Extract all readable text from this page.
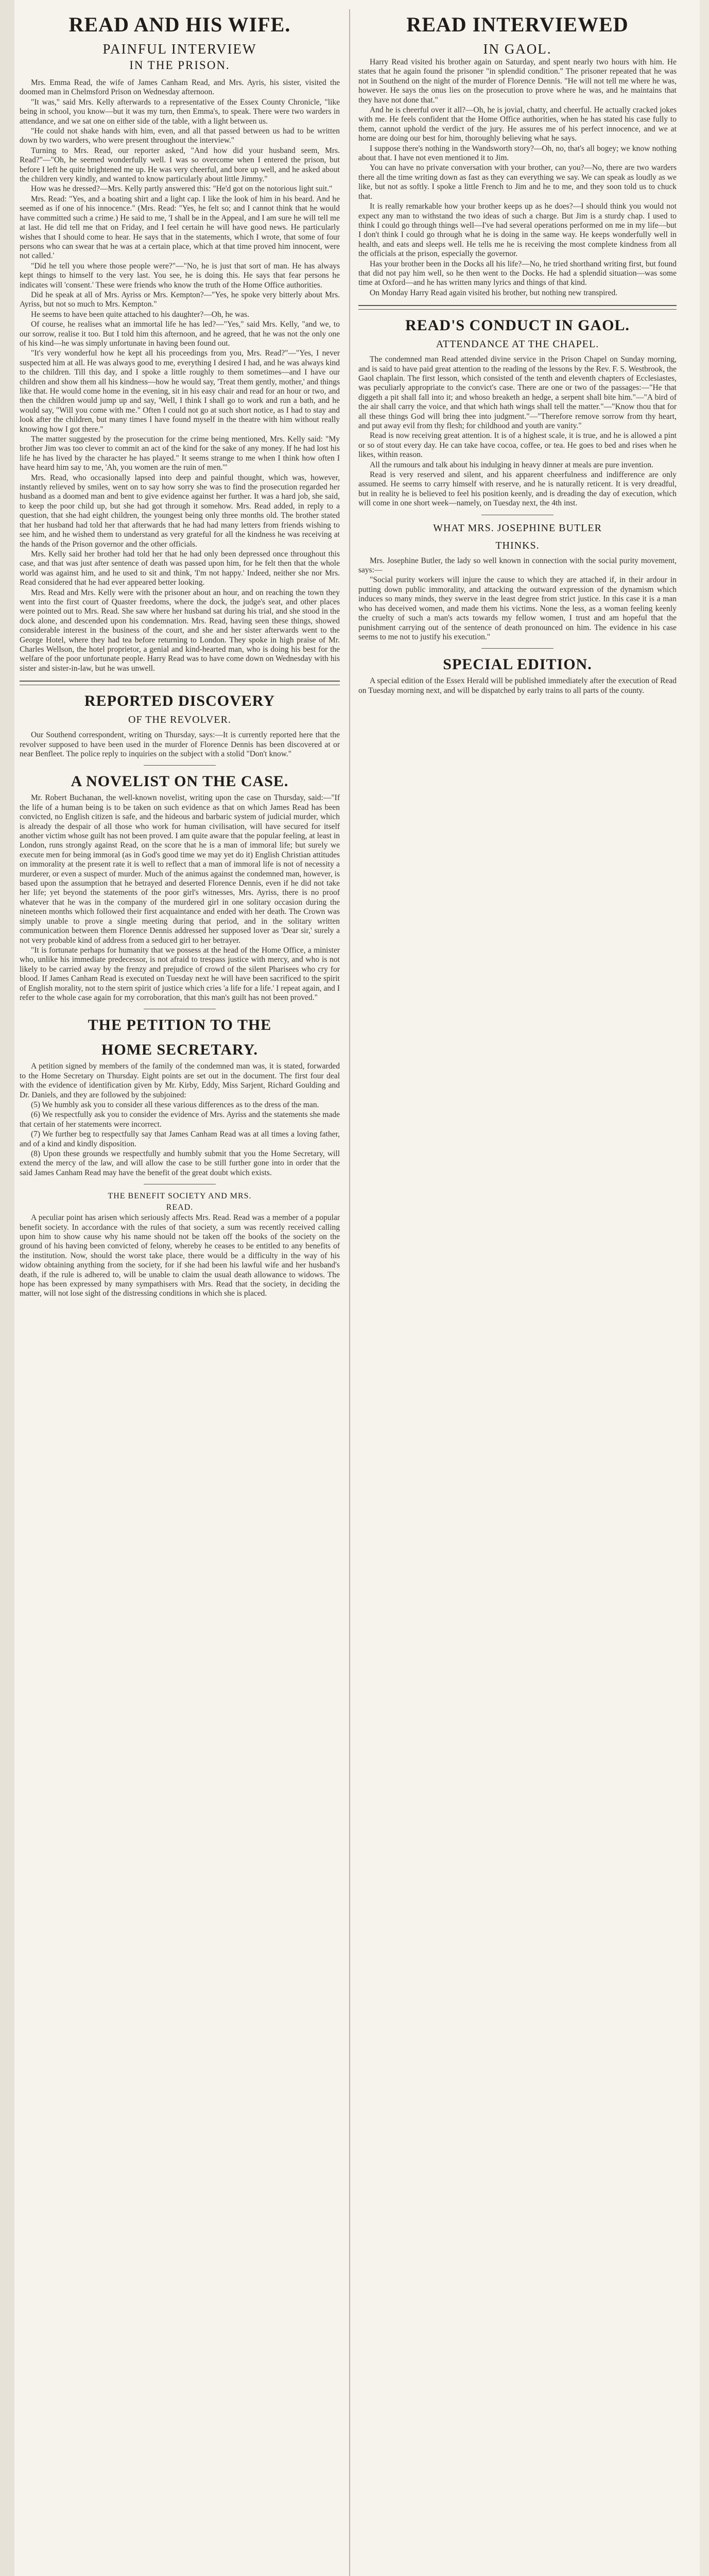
READ AND HIS WIFE.
PAINFUL INTERVIEW
IN THE PRISON.

Mrs. Emma Read, the wife of James Canham Read, and Mrs. Ayris, his sister, visited the doomed man in Chelmsford Prison on Wednesday afternoon.

"It was," said Mrs. Kelly afterwards to a representative of the Essex County Chronicle, "like being in school, you know—but it was my turn, then Emma's, to speak. There were two warders in attendance, and we sat one on either side of the table, with a light between us.

"He could not shake hands with him, even, and all that passed between us had to be written down by two warders, who were present throughout the interview."

Turning to Mrs. Read, our reporter asked, "And how did your husband seem, Mrs. Read?"—"Oh, he seemed wonderfully well. I was so overcome when I entered the prison, but before I left he quite brightened me up. He was very cheerful, and bore up well, and he asked about the children very kindly, and wanted to know particularly about little Jimmy."

How was he dressed?—Mrs. Kelly partly answered this: "He'd got on the notorious light suit."

Mrs. Read: "Yes, and a boating shirt and a light cap. I like the look of him in his beard. And he seemed as if one of his innocence." (Mrs. Read: "Yes, he felt so; and I cannot think that he would have committed such a crime.) He said to me, 'I shall be in the Appeal, and I am sure he will tell me at last. He did tell me that on Friday, and I feel certain he will have good news. He particularly wishes that I should come to hear. He says that in the statements, which I wrote, that some of four persons who can swear that he was at a certain place, which at that time proved him innocent, were not called.'

"Did he tell you where those people were?"—"No, he is just that sort of man. He has always kept things to himself to the very last. You see, he is doing this. He says that fear persons he indicates will 'consent.' These were friends who know the truth of the Home Office authorities.

Did he speak at all of Mrs. Ayriss or Mrs. Kempton?—"Yes, he spoke very bitterly about Mrs. Ayriss, but not so much to Mrs. Kempton."

He seems to have been quite attached to his daughter?—Oh, he was.

Of course, he realises what an immortal life he has led?—"Yes," said Mrs. Kelly, "and we, to our sorrow, realise it too. But I told him this afternoon, and he agreed, that he was not the only one of his kind—he was simply unfortunate in having been found out.

"It's very wonderful how he kept all his proceedings from you, Mrs. Read?"—"Yes, I never suspected him at all. He was always good to me, everything I desired I had, and he was always kind to the children. Till this day, and I spoke a little roughly to them sometimes—and I have our children and show them all his kindness—how he would say, 'Treat them gently, mother,' and things like that. He would come home in the evening, sit in his easy chair and read for an hour or two, and then the children would jump up and say, 'Well, I think I shall go to work and run a bath, and he would say, "Will you come with me." Often I could not go at such short notice, as I had to stay and look after the children, but many times I have found myself in the theatre with him without really knowing how I got there."

The matter suggested by the prosecution for the crime being mentioned, Mrs. Kelly said: "My brother Jim was too clever to commit an act of the kind for the sake of any money. If he had lost his life he has lived by the character he has played." It seems strange to me when I think how often I have heard him say to me, 'Ah, you women are the ruin of men.'"

Mrs. Read, who occasionally lapsed into deep and painful thought, which was, however, instantly relieved by smiles, went on to say how sorry she was to find the prosecution regarded her husband as a doomed man and bent to give evidence against her further. It was a hard job, she said, to keep the poor child up, but she had got through it somehow. Mrs. Read added, in reply to a question, that she had eight children, the youngest being only three months old. The brother stated that her husband had told her that afterwards that he had had many letters from friends wishing to see him, and he wished them to understand as very grateful for all the kindness he was receiving at the hands of the Prison governor and the other officials.

Mrs. Kelly said her brother had told her that he had only been depressed once throughout this case, and that was just after sentence of death was passed upon him, for he felt then that the whole world was against him, and he used to sit and think, 'I'm not happy.' Indeed, neither she nor Mrs. Read considered that he had ever appeared better looking.

Mrs. Read and Mrs. Kelly were with the prisoner about an hour, and on reaching the town they went into the first court of Quaster freedoms, where the dock, the judge's seat, and other places were pointed out to Mrs. Read. She saw where her husband sat during his trial, and she stood in the dock alone, and descended upon his condemnation. Mrs. Read, having seen these things, showed considerable interest in the business of the court, and she and her sister afterwards went to the George Hotel, where they had tea before returning to London. They spoke in high praise of Mr. Charles Wellson, the hotel proprietor, a genial and kind-hearted man, who is doing his best for the welfare of the poor unfortunate people. Harry Read was to have come down on Wednesday with his sister and sister-in-law, but he was unwell.

REPORTED DISCOVERY
OF THE REVOLVER.

Our Southend correspondent, writing on Thursday, says:—It is currently reported here that the revolver supposed to have been used in the murder of Florence Dennis has been discovered at or near Benfleet. The police reply to inquiries on the subject with a stolid "Don't know."

A NOVELIST ON THE CASE.

Mr. Robert Buchanan, the well-known novelist, writing upon the case on Thursday, said:—"If the life of a human being is to be taken on such evidence as that on which James Read has been convicted, no English citizen is safe, and the hideous and barbaric system of judicial murder, which is already the despair of all those who work for human civilisation, will have secured for itself another victim whose guilt has not been proved. I am quite aware that the popular feeling, at least in London, runs strongly against Read, on the score that he is a man of immoral life; but surely we execute men for being immoral (as in God's good time we may yet do it) English Christian attitudes on immorality at the present rate it is well to reflect that a man of immoral life is not of necessity a murderer, or even a suspect of murder. Much of the animus against the condemned man, however, is based upon the assumption that he betrayed and deserted Florence Dennis, even if he did not take her life; yet beyond the statements of the poor girl's witnesses, Mrs. Ayriss, there is no proof whatever that he was in the company of the murdered girl in one solitary occasion during the nineteen months which followed their first acquaintance and ended with her death. The Crown was simply unable to prove a single meeting during that period, and in the solitary written communication between them Florence Dennis addressed her supposed lover as 'Dear sir,' surely a not very probable kind of address from a seduced girl to her betrayer.

"It is fortunate perhaps for humanity that we possess at the head of the Home Office, a minister who, unlike his immediate predecessor, is not afraid to trespass justice with mercy, and who is not likely to be carried away by the frenzy and prejudice of crowd of the silent Pharisees who cry for blood. If James Canham Read is executed on Tuesday next he will have been sacrificed to the spirit of English morality, not to the stern spirit of justice which cries 'a life for a life.' I repeat again, and I refer to the whole case again for my corroboration, that this man's guilt has not been proved."

THE PETITION TO THE
HOME SECRETARY.

A petition signed by members of the family of the condemned man was, it is stated, forwarded to the Home Secretary on Thursday. Eight points are set out in the document. The first four deal with the evidence of identification given by Mr. Kirby, Eddy, Miss Sarjent, Richard Goulding and Dr. Daniels, and they are followed by the subjoined:

(5) We humbly ask you to consider all these various differences as to the dress of the man.

(6) We respectfully ask you to consider the evidence of Mrs. Ayriss and the statements she made that certain of her statements were incorrect.

(7) We further beg to respectfully say that James Canham Read was at all times a loving father, and of a kind and kindly disposition.

(8) Upon these grounds we respectfully and humbly submit that you the Home Secretary, will extend the mercy of the law, and will allow the case to be still further gone into in order that the said James Canham Read may have the benefit of the great doubt which exists.

THE BENEFIT SOCIETY AND MRS.
READ.

A peculiar point has arisen which seriously affects Mrs. Read. Read was a member of a popular benefit society. In accordance with the rules of that society, a sum was recently received calling upon him to show cause why his name should not be taken off the books of the society on the ground of his having been convicted of felony, whereby he ceases to be entitled to any benefits of the institution. Now, should the worst take place, there would be a difficulty in the way of his widow obtaining anything from the society, for if she had been his lawful wife and her husband's death, if the rule is adhered to, will be unable to claim the usual death allowance to widows. The hope has been expressed by many sympathisers with Mrs. Read that the society, in deciding the matter, will not lose sight of the distressing conditions in which she is placed.

READ INTERVIEWED
IN GAOL.

Harry Read visited his brother again on Saturday, and spent nearly two hours with him. He states that he again found the prisoner "in splendid condition." The prisoner repeated that he was not in Southend on the night of the murder of Florence Dennis. "He will not tell me where he was, however. He says the onus lies on the prosecution to prove where he was, and he maintains that they have not done that."

And he is cheerful over it all?—Oh, he is jovial, chatty, and cheerful. He actually cracked jokes with me. He feels confident that the Home Office authorities, when he has stated his case fully to them, cannot uphold the verdict of the jury. He assures me of his perfect innocence, and we at home are doing our best for him, thoroughly believing what he says.

I suppose there's nothing in the Wandsworth story?—Oh, no, that's all bogey; we know nothing about that. I have not even mentioned it to Jim.

You can have no private conversation with your brother, can you?—No, there are two warders there all the time writing down as fast as they can everything we say. We can speak as loudly as we like, but not as softly. I spoke a little French to Jim and he to me, and they soon told us to chuck that.

It is really remarkable how your brother keeps up as he does?—I should think you would not expect any man to withstand the two ideas of such a charge. But Jim is a sturdy chap. I used to think I could go through things well—I've had several operations performed on me in my life—but I don't think I could go through what he is doing in the same way. He keeps wonderfully well in health, and eats and sleeps well. He tells me he is receiving the most complete kindness from all the officials at the prison, especially the governor.

Has your brother been in the Docks all his life?—No, he tried shorthand writing first, but found that did not pay him well, so he then went to the Docks. He had a splendid situation—was some time at Oxford—and he has written many lyrics and things of that kind.

On Monday Harry Read again visited his brother, but nothing new transpired.

READ'S CONDUCT IN GAOL.
ATTENDANCE AT THE CHAPEL.

The condemned man Read attended divine service in the Prison Chapel on Sunday morning, and is said to have paid great attention to the reading of the lessons by the Rev. F. S. Westbrook, the Gaol chaplain. The first lesson, which consisted of the tenth and eleventh chapters of Ecclesiastes, was peculiarly appropriate to the convict's case. There are one or two of the passages:—"He that diggeth a pit shall fall into it; and whoso breaketh an hedge, a serpent shall bite him."—"A bird of the air shall carry the voice, and that which hath wings shall tell the matter."—"Know thou that for all these things God will bring thee into judgment."—"Therefore remove sorrow from thy heart, and put away evil from thy flesh; for childhood and youth are vanity."

Read is now receiving great attention. It is of a highest scale, it is true, and he is allowed a pint or so of stout every day. He can take have cocoa, coffee, or tea. He goes to bed and rises when he likes, within reason.

All the rumours and talk about his indulging in heavy dinner at meals are pure invention.

Read is very reserved and silent, and his apparent cheerfulness and indifference are only assumed. He seems to carry himself with reserve, and he is naturally reticent. It is very dreadful, but in reality he is believed to feel his position keenly, and is dreading the day of execution, which will come in one short week—namely, on Tuesday next, the 4th inst.

WHAT MRS. JOSEPHINE BUTLER
THINKS.

Mrs. Josephine Butler, the lady so well known in connection with the social purity movement, says:—

"Social purity workers will injure the cause to which they are attached if, in their ardour in putting down public immorality, and attacking the outward expression of the dynamism which induces so many minds, they swerve in the least degree from strict justice. In this case it is a man who has deceived women, and made them his victims. None the less, as a woman feeling keenly the cruelty of such a man's acts towards my fellow women, I trust and am hopeful that the punishment carrying out of the sentence of death pronounced on him. The evidence in his case seems to me not to justify his execution."

SPECIAL EDITION.

A special edition of the Essex Herald will be published immediately after the execution of Read on Tuesday morning next, and will be dispatched by early trains to all parts of the county.
